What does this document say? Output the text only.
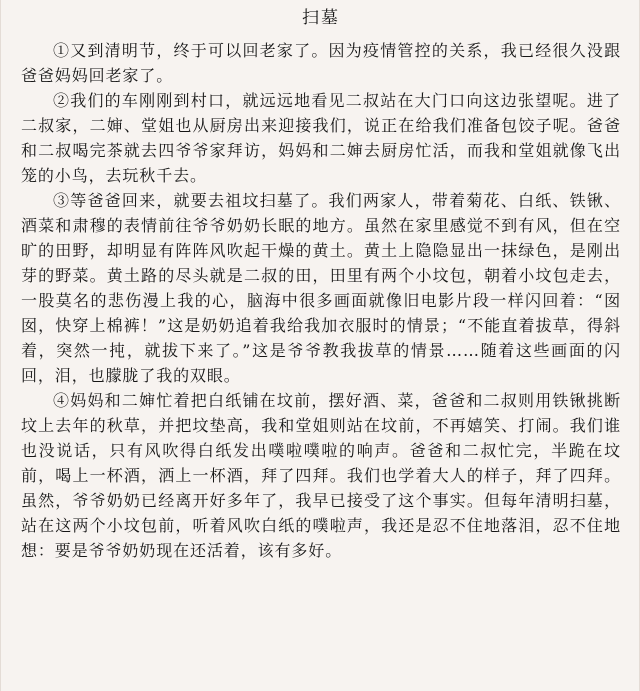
扫墓

①又到清明节，终于可以回老家了。因为疫情管控的关系，我已经很久没跟爸爸妈妈回老家了。

②我们的车刚刚到村口，就远远地看见二叔站在大门口向这边张望呢。进了二叔家，二婶、堂姐也从厨房出来迎接我们，说正在给我们准备包饺子呢。爸爸和二叔喝完茶就去四爷爷家拜访，妈妈和二婶去厨房忙活，而我和堂姐就像飞出笼的小鸟，去玩秋千去。

③等爸爸回来，就要去祖坟扫墓了。我们两家人，带着菊花、白纸、铁锹、酒菜和肃穆的表情前往爷爷奶奶长眠的地方。虽然在家里感觉不到有风，但在空旷的田野，却明显有阵阵风吹起干燥的黄土。黄土上隐隐显出一抹绿色，是刚出芽的野菜。黄土路的尽头就是二叔的田，田里有两个小坟包，朝着小坟包走去，一股莫名的悲伤漫上我的心，脑海中很多画面就像旧电影片段一样闪回着：“囡囡，快穿上棉裤！”这是奶奶追着我给我加衣服时的情景；“不能直着拔草，得斜着，突然一扽，就拔下来了。”这是爷爷教我拔草的情景……随着这些画面的闪回，泪，也朦胧了我的双眼。

④妈妈和二婶忙着把白纸铺在坟前，摆好酒、菜，爸爸和二叔则用铁锹挑断坟上去年的秋草，并把坟垫高，我和堂姐则站在坟前，不再嬉笑、打闹。我们谁也没说话，只有风吹得白纸发出噗啦噗啦的响声。爸爸和二叔忙完，半跪在坟前，喝上一杯酒，洒上一杯酒，拜了四拜。我们也学着大人的样子，拜了四拜。虽然，爷爷奶奶已经离开好多年了，我早已接受了这个事实。但每年清明扫墓，站在这两个小坟包前，听着风吹白纸的噗啦声，我还是忍不住地落泪，忍不住地想：要是爷爷奶奶现在还活着，该有多好。
